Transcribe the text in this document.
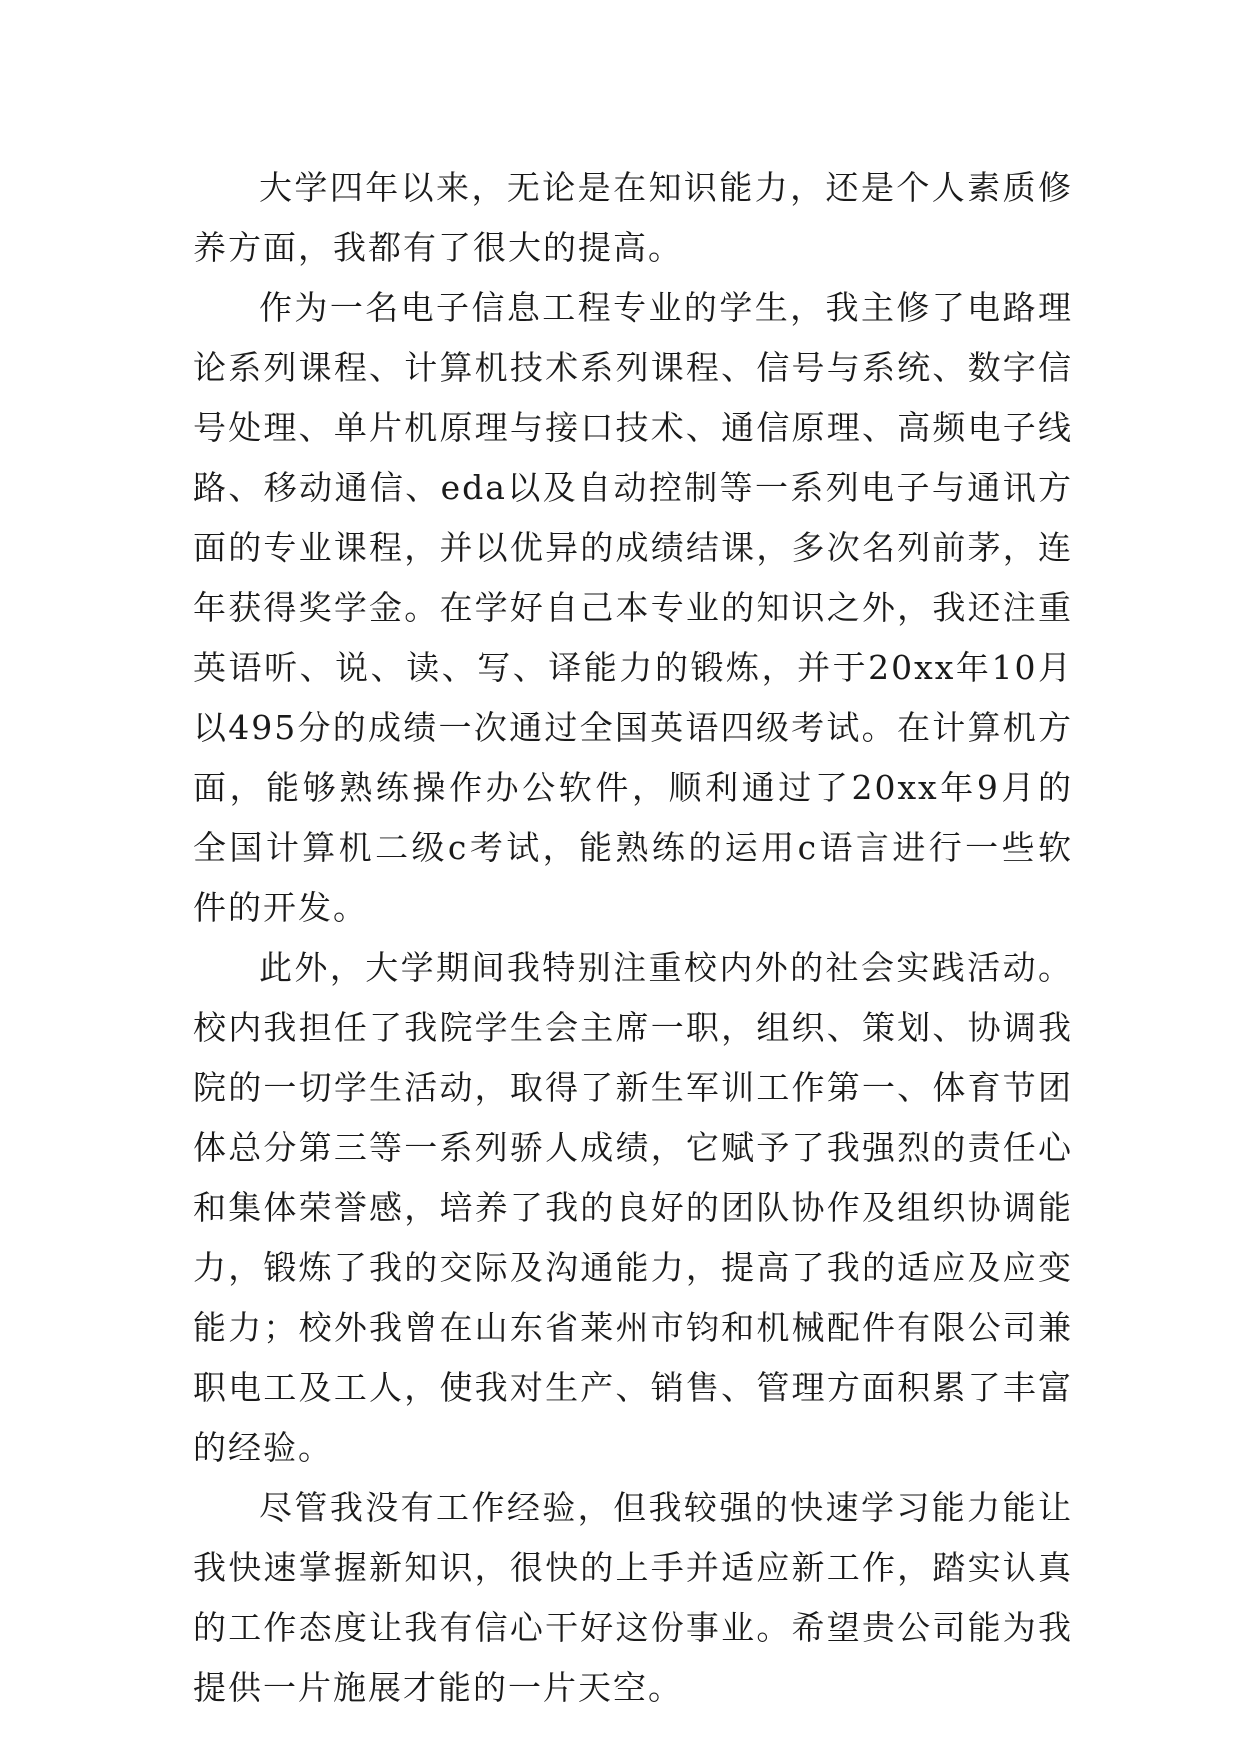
大学四年以来，无论是在知识能力，还是个人素质修养方面，我都有了很大的提高。

作为一名电子信息工程专业的学生，我主修了电路理论系列课程、计算机技术系列课程、信号与系统、数字信号处理、单片机原理与接口技术、通信原理、高频电子线路、移动通信、eda以及自动控制等一系列电子与通讯方面的专业课程，并以优异的成绩结课，多次名列前茅，连年获得奖学金。在学好自己本专业的知识之外，我还注重英语听、说、读、写、译能力的锻炼，并于20xx年10月以495分的成绩一次通过全国英语四级考试。在计算机方面，能够熟练操作办公软件，顺利通过了20xx年9月的全国计算机二级c考试，能熟练的运用c语言进行一些软件的开发。

此外，大学期间我特别注重校内外的社会实践活动。校内我担任了我院学生会主席一职，组织、策划、协调我院的一切学生活动，取得了新生军训工作第一、体育节团体总分第三等一系列骄人成绩，它赋予了我强烈的责任心和集体荣誉感，培养了我的良好的团队协作及组织协调能力，锻炼了我的交际及沟通能力，提高了我的适应及应变能力；校外我曾在山东省莱州市钧和机械配件有限公司兼职电工及工人，使我对生产、销售、管理方面积累了丰富的经验。

尽管我没有工作经验，但我较强的快速学习能力能让我快速掌握新知识，很快的上手并适应新工作，踏实认真的工作态度让我有信心干好这份事业。希望贵公司能为我提供一片施展才能的一片天空。
